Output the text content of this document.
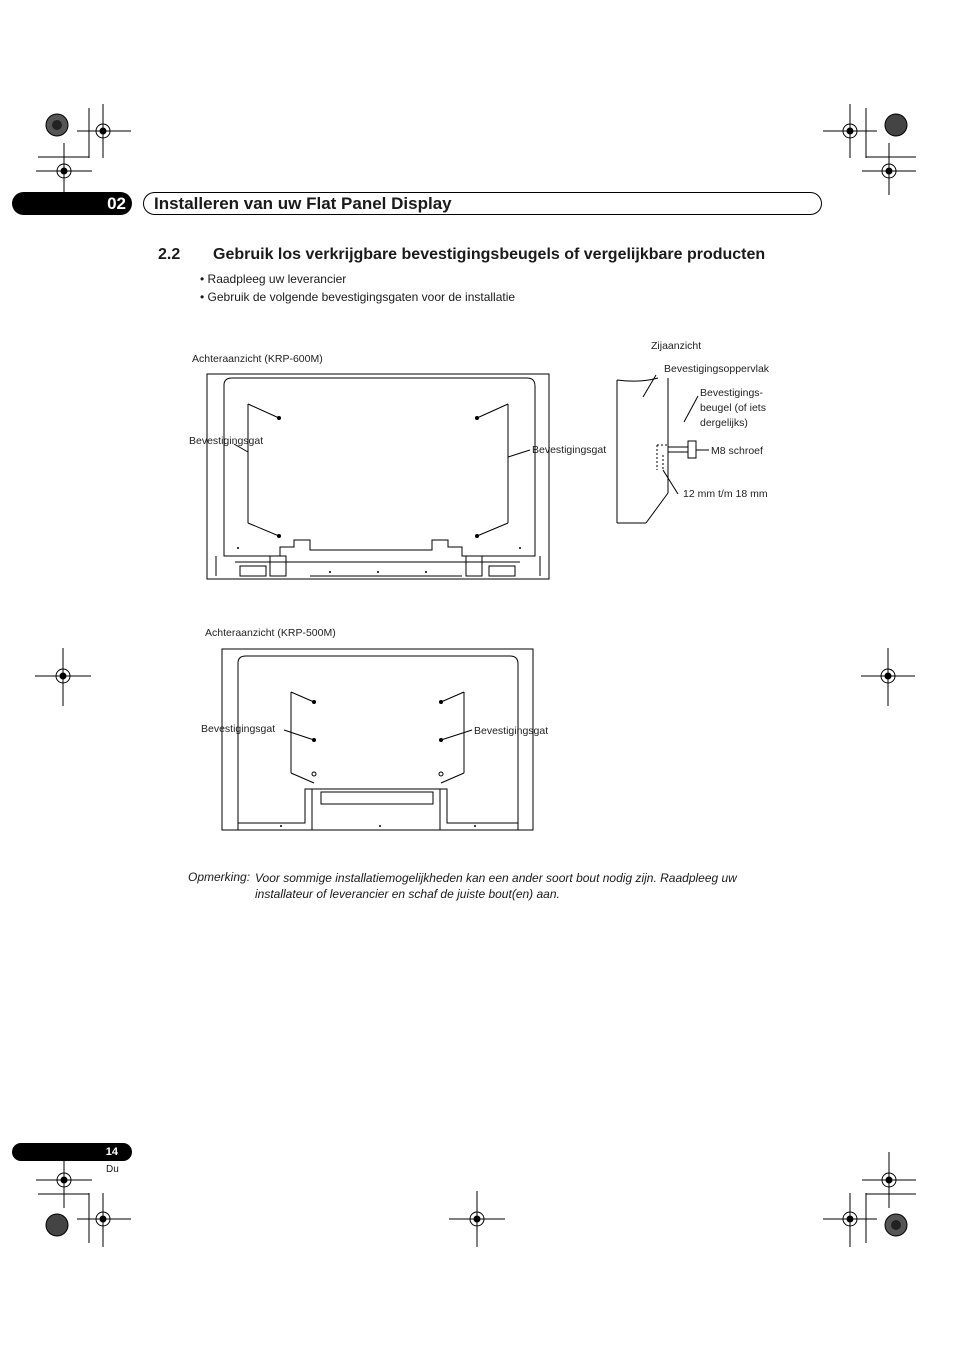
02 Installeren van uw Flat Panel Display
2.2 Gebruik los verkrijgbare bevestigingsbeugels of vergelijkbare producten
• Raadpleeg uw leverancier
• Gebruik de volgende bevestigingsgaten voor de installatie
Achteraanzicht (KRP-600M)
Bevestigingsgat
Bevestigingsgat
Zijaanzicht
Bevestigingsoppervlak
Bevestigings-
beugel (of iets
dergelijks)
M8 schroef
12 mm t/m 18 mm
Achteraanzicht (KRP-500M)
Bevestigingsgat	Bevestigingsgat
Opmerking: Voor sommige installatiemogelijkheden kan een ander soort bout nodig zijn. Raadpleeg uw installateur of leverancier en schaf de juiste bout(en) aan.
14
Du
